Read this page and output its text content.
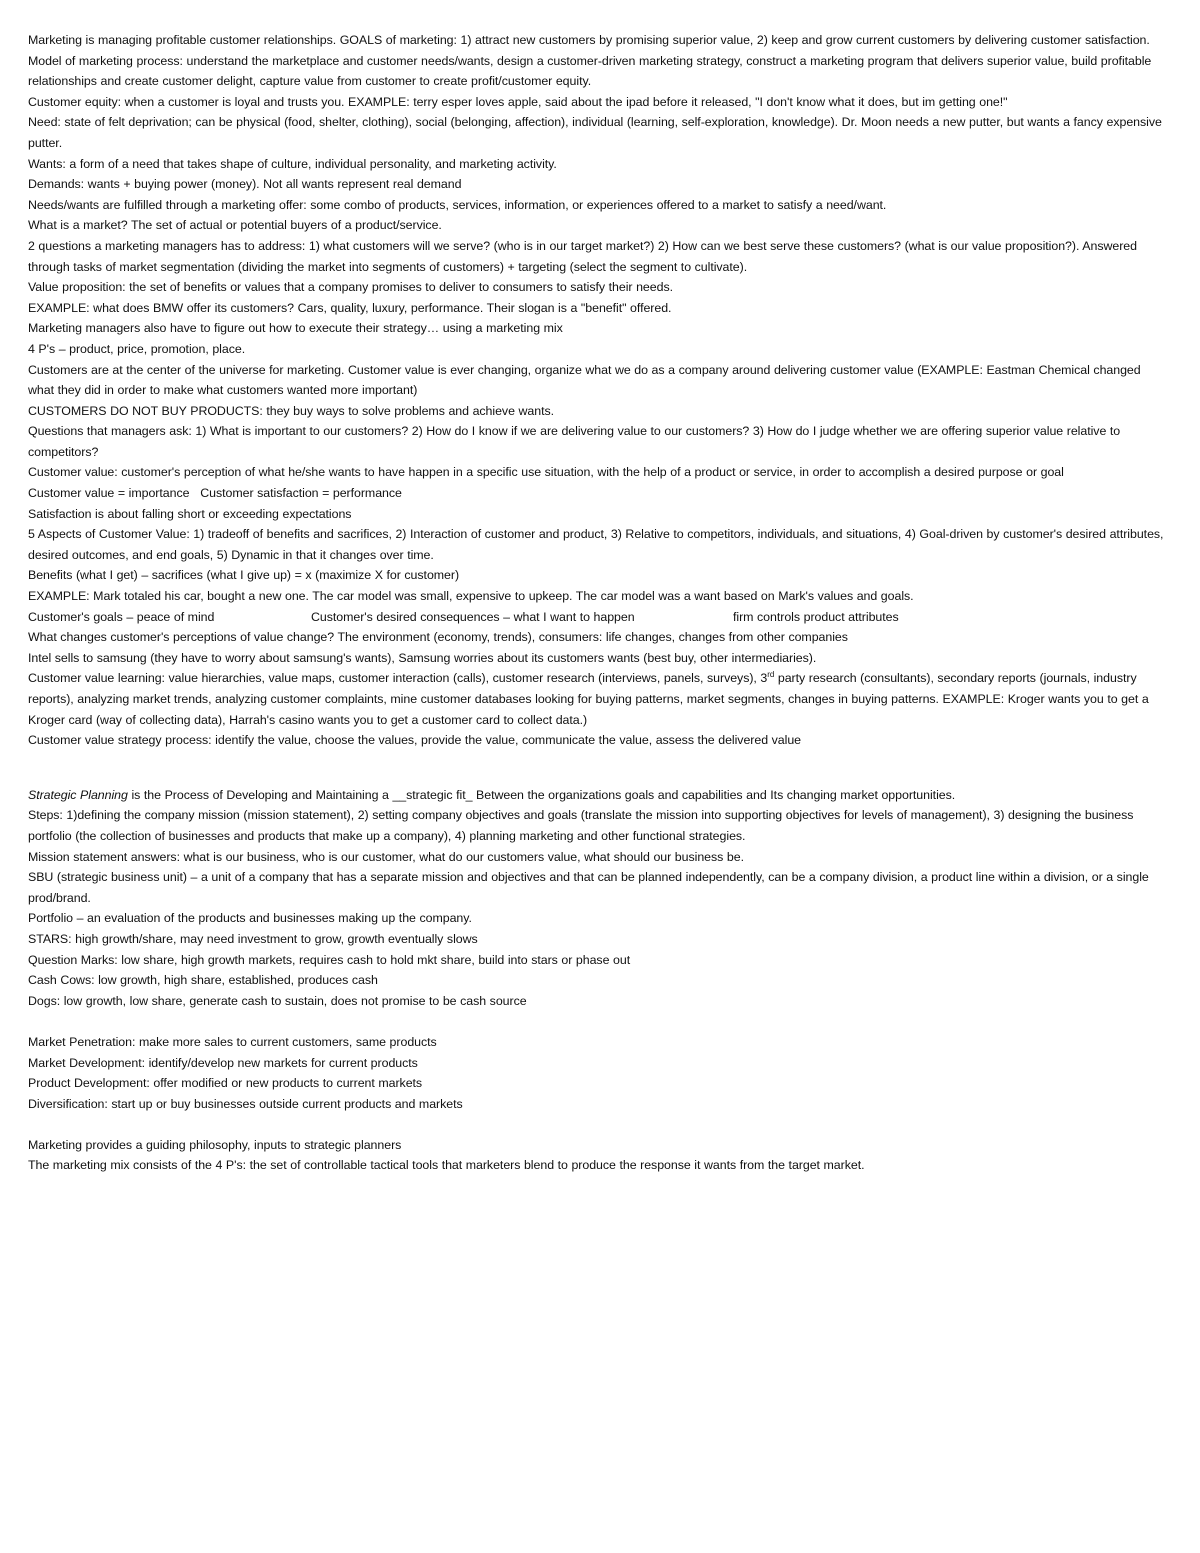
Marketing is managing profitable customer relationships. GOALS of marketing: 1) attract new customers by promising superior value, 2) keep and grow current customers by delivering customer satisfaction.

Model of marketing process: understand the marketplace and customer needs/wants, design a customer-driven marketing strategy, construct a marketing program that delivers superior value, build profitable relationships and create customer delight, capture value from customer to create profit/customer equity.

Customer equity: when a customer is loyal and trusts you. EXAMPLE: terry esper loves apple, said about the ipad before it released, "I don't know what it does, but im getting one!"

Need: state of felt deprivation; can be physical (food, shelter, clothing), social (belonging, affection), individual (learning, self-exploration, knowledge). Dr. Moon needs a new putter, but wants a fancy expensive putter.

Wants: a form of a need that takes shape of culture, individual personality, and marketing activity.

Demands: wants + buying power (money). Not all wants represent real demand

Needs/wants are fulfilled through a marketing offer: some combo of products, services, information, or experiences offered to a market to satisfy a need/want.

What is a market? The set of actual or potential buyers of a product/service.

2 questions a marketing managers has to address: 1) what customers will we serve? (who is in our target market?) 2) How can we best serve these customers? (what is our value proposition?). Answered through tasks of market segmentation (dividing the market into segments of customers) + targeting (select the segment to cultivate).

Value proposition: the set of benefits or values that a company promises to deliver to consumers to satisfy their needs.

EXAMPLE: what does BMW offer its customers? Cars, quality, luxury, performance. Their slogan is a "benefit" offered.

Marketing managers also have to figure out how to execute their strategy… using a marketing mix

4 P's – product, price, promotion, place.

Customers are at the center of the universe for marketing. Customer value is ever changing, organize what we do as a company around delivering customer value (EXAMPLE: Eastman Chemical changed what they did in order to make what customers wanted more important)

CUSTOMERS DO NOT BUY PRODUCTS: they buy ways to solve problems and achieve wants.

Questions that managers ask: 1) What is important to our customers? 2) How do I know if we are delivering value to our customers? 3) How do I judge whether we are offering superior value relative to competitors?

Customer value: customer's perception of what he/she wants to have happen in a specific use situation, with the help of a product or service, in order to accomplish a desired purpose or goal

Customer value = importance   Customer satisfaction = performance

Satisfaction is about falling short or exceeding expectations

5 Aspects of Customer Value: 1) tradeoff of benefits and sacrifices, 2) Interaction of customer and product, 3) Relative to competitors, individuals, and situations, 4) Goal-driven by customer's desired attributes, desired outcomes, and end goals, 5) Dynamic in that it changes over time.

Benefits (what I get) – sacrifices (what I give up) = x (maximize X for customer)

EXAMPLE: Mark totaled his car, bought a new one. The car model was small, expensive to upkeep. The car model was a want based on Mark's values and goals.

Customer's goals – peace of mind	Customer's desired consequences – what I want to happen	firm controls product attributes

What changes customer's perceptions of value change? The environment (economy, trends), consumers: life changes, changes from other companies

Intel sells to samsung (they have to worry about samsung's wants), Samsung worries about its customers wants (best buy, other intermediaries).

Customer value learning: value hierarchies, value maps, customer interaction (calls), customer research (interviews, panels, surveys), 3rd party research (consultants), secondary reports (journals, industry reports), analyzing market trends, analyzing customer complaints, mine customer databases looking for buying patterns, market segments, changes in buying patterns. EXAMPLE: Kroger wants you to get a Kroger card (way of collecting data), Harrah's casino wants you to get a customer card to collect data.)

Customer value strategy process: identify the value, choose the values, provide the value, communicate the value, assess the delivered value

Strategic Planning is the Process of Developing and Maintaining a __strategic fit_ Between the organizations goals and capabilities and Its changing market opportunities.

Steps: 1)defining the company mission (mission statement), 2) setting company objectives and goals (translate the mission into supporting objectives for levels of management), 3) designing the business portfolio (the collection of businesses and products that make up a company), 4) planning marketing and other functional strategies.

Mission statement answers: what is our business, who is our customer, what do our customers value, what should our business be.

SBU (strategic business unit) – a unit of a company that has a separate mission and objectives and that can be planned independently, can be a company division, a product line within a division, or a single prod/brand.

Portfolio – an evaluation of the products and businesses making up the company.

STARS: high growth/share, may need investment to grow, growth eventually slows

Question Marks: low share, high growth markets, requires cash to hold mkt share, build into stars or phase out

Cash Cows: low growth, high share, established, produces cash

Dogs: low growth, low share, generate cash to sustain, does not promise to be cash source

Market Penetration: make more sales to current customers, same products

Market Development: identify/develop new markets for current products

Product Development: offer modified or new products to current markets

Diversification: start up or buy businesses outside current products and markets

Marketing provides a guiding philosophy, inputs to strategic planners

The marketing mix consists of the 4 P's: the set of controllable tactical tools that marketers blend to produce the response it wants from the target market.
